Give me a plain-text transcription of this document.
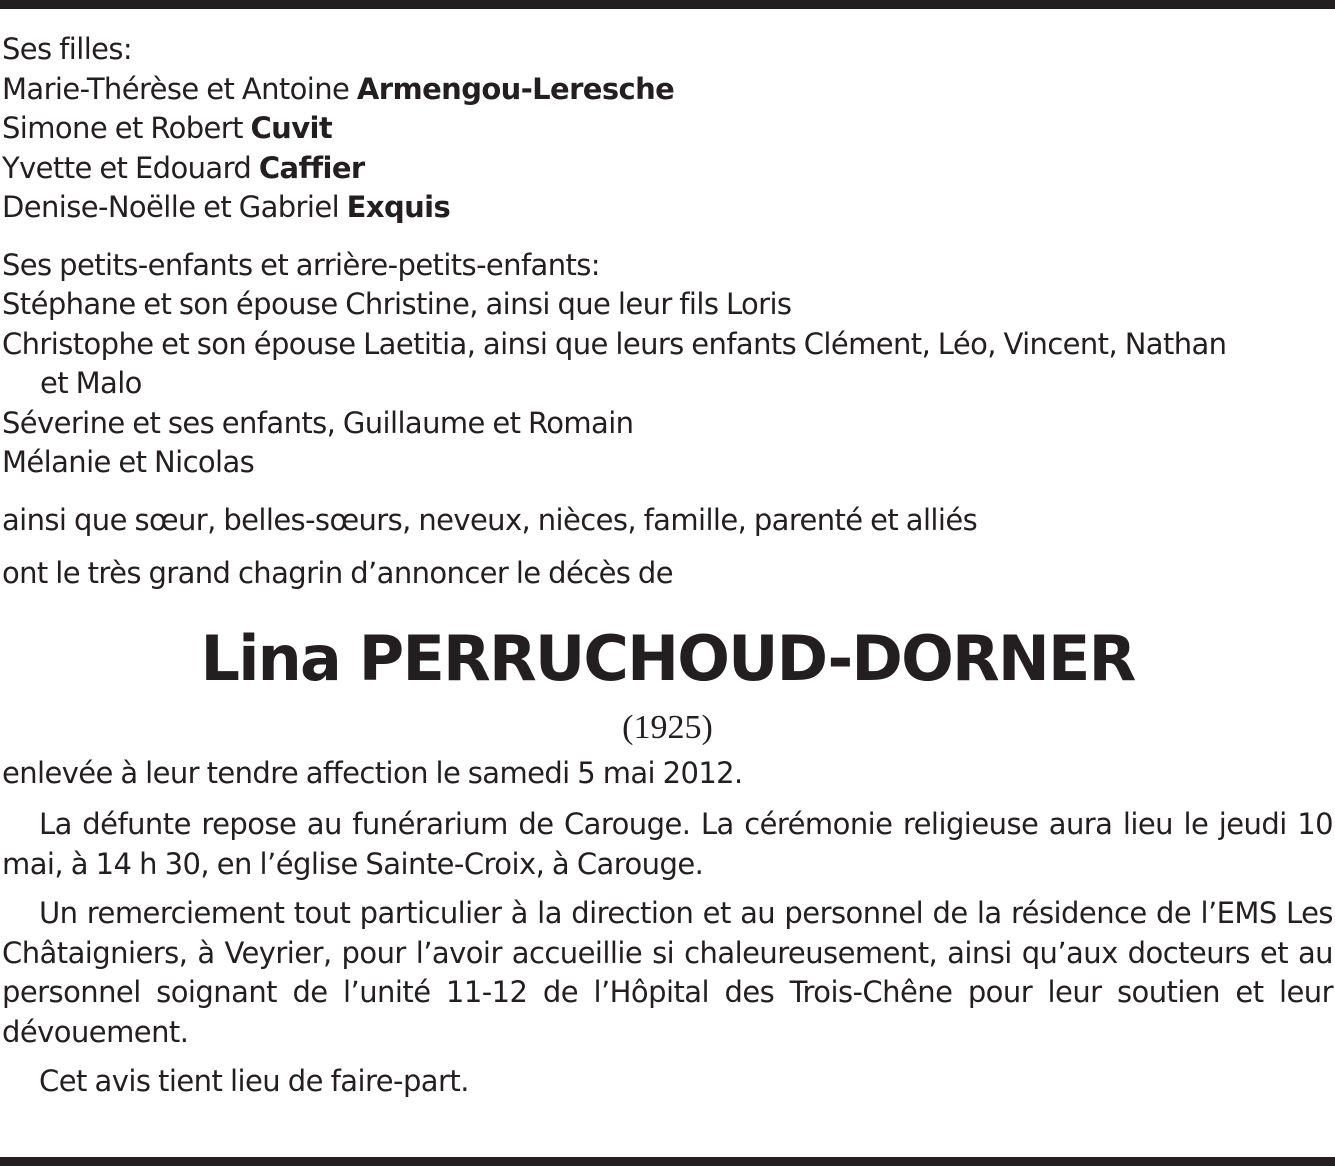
Ses filles:

Marie-Thérèse et Antoine Armengou-Leresche

Simone et Robert Cuvit

Yvette et Edouard Caffier

Denise-Noëlle et Gabriel Exquis

Ses petits-enfants et arrière-petits-enfants:

Stéphane et son épouse Christine, ainsi que leur fils Loris

Christophe et son épouse Laetitia, ainsi que leurs enfants Clément, Léo, Vincent, Nathan

et Malo

Séverine et ses enfants, Guillaume et Romain

Mélanie et Nicolas

ainsi que sœur, belles-sœurs, neveux, nièces, famille, parenté et alliés

ont le très grand chagrin d’annoncer le décès de

Lina PERRUCHOUD-DORNER
(1925)

enlevée à leur tendre affection le samedi 5 mai 2012.

La défunte repose au funérarium de Carouge. La cérémonie religieuse aura lieu le jeudi 10 mai, à 14 h 30, en l’église Sainte-Croix, à Carouge.

Un remerciement tout particulier à la direction et au personnel de la résidence de l’EMS Les Châtaigniers, à Veyrier, pour l’avoir accueillie si chaleureusement, ainsi qu’aux docteurs et au personnel soignant de l’unité 11-12 de l’Hôpital des Trois-Chêne pour leur soutien et leur dévouement.

Cet avis tient lieu de faire-part.
